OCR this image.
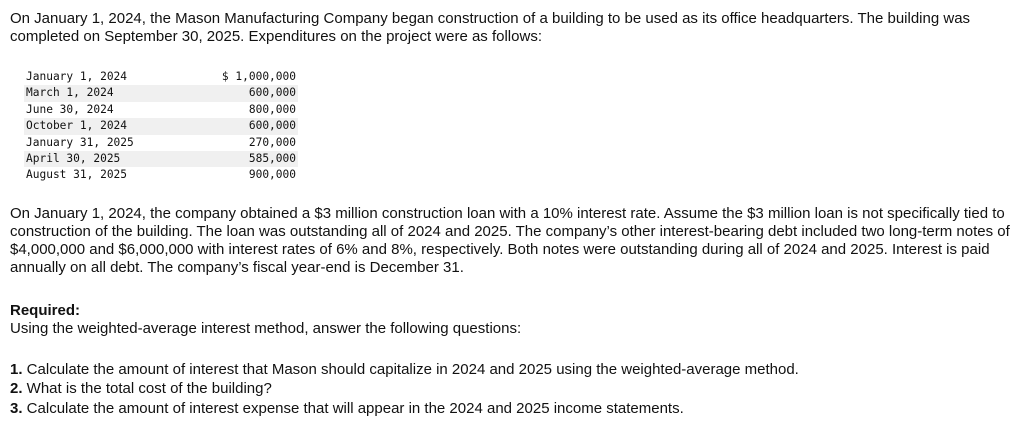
On January 1, 2024, the Mason Manufacturing Company began construction of a building to be used as its office headquarters. The building was completed on September 30, 2025. Expenditures on the project were as follows:

January 1, 2024	$ 1,000,000
March 1, 2024	600,000
June 30, 2024	800,000
October 1, 2024	600,000
January 31, 2025	270,000
April 30, 2025	585,000
August 31, 2025	900,000

On January 1, 2024, the company obtained a $3 million construction loan with a 10% interest rate. Assume the $3 million loan is not specifically tied to construction of the building. The loan was outstanding all of 2024 and 2025. The company’s other interest-bearing debt included two long-term notes of $4,000,000 and $6,000,000 with interest rates of 6% and 8%, respectively. Both notes were outstanding during all of 2024 and 2025. Interest is paid annually on all debt. The company’s fiscal year-end is December 31.

Required:

Using the weighted-average interest method, answer the following questions:

1. Calculate the amount of interest that Mason should capitalize in 2024 and 2025 using the weighted-average method.
2. What is the total cost of the building?
3. Calculate the amount of interest expense that will appear in the 2024 and 2025 income statements.
